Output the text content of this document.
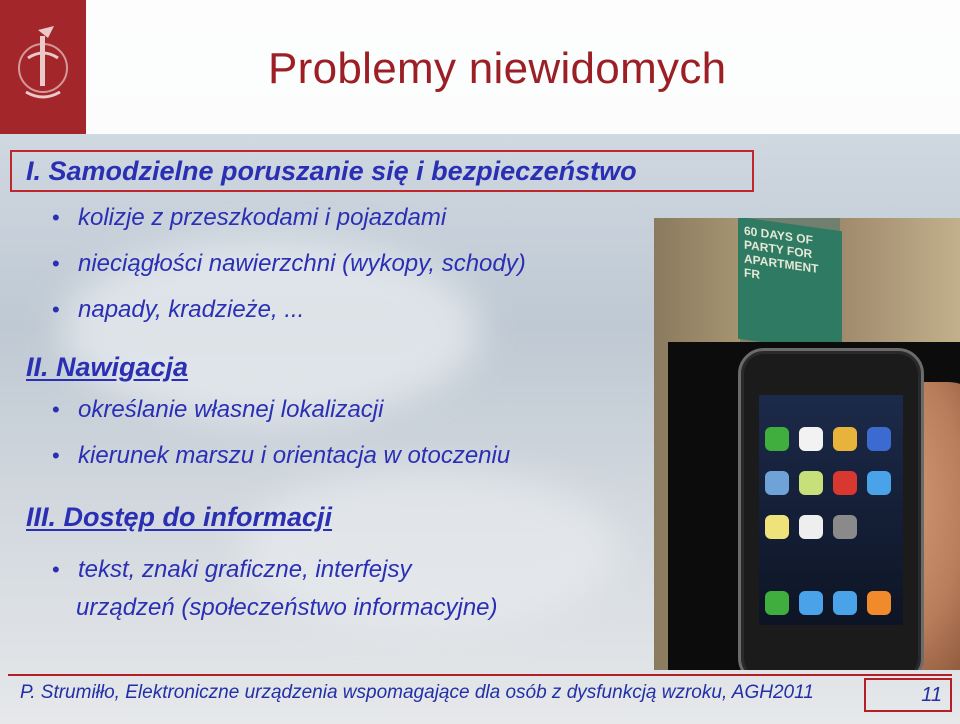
Problemy niewidomych
I. Samodzielne poruszanie się i bezpieczeństwo
• kolizje z przeszkodami i pojazdami
• nieciągłości nawierzchni (wykopy, schody)
• napady, kradzieże, ...
II. Nawigacja
• określanie własnej lokalizacji
• kierunek marszu i orientacja w otoczeniu
III. Dostęp do informacji
• tekst, znaki graficzne, interfejsy
urządzeń (społeczeństwo informacyjne)
60 DAYS OF PARTY FOR APARTMENT FR
P. Strumiłło, Elektroniczne urządzenia wspomagające dla osób z dysfunkcją wzroku, AGH2011	11
